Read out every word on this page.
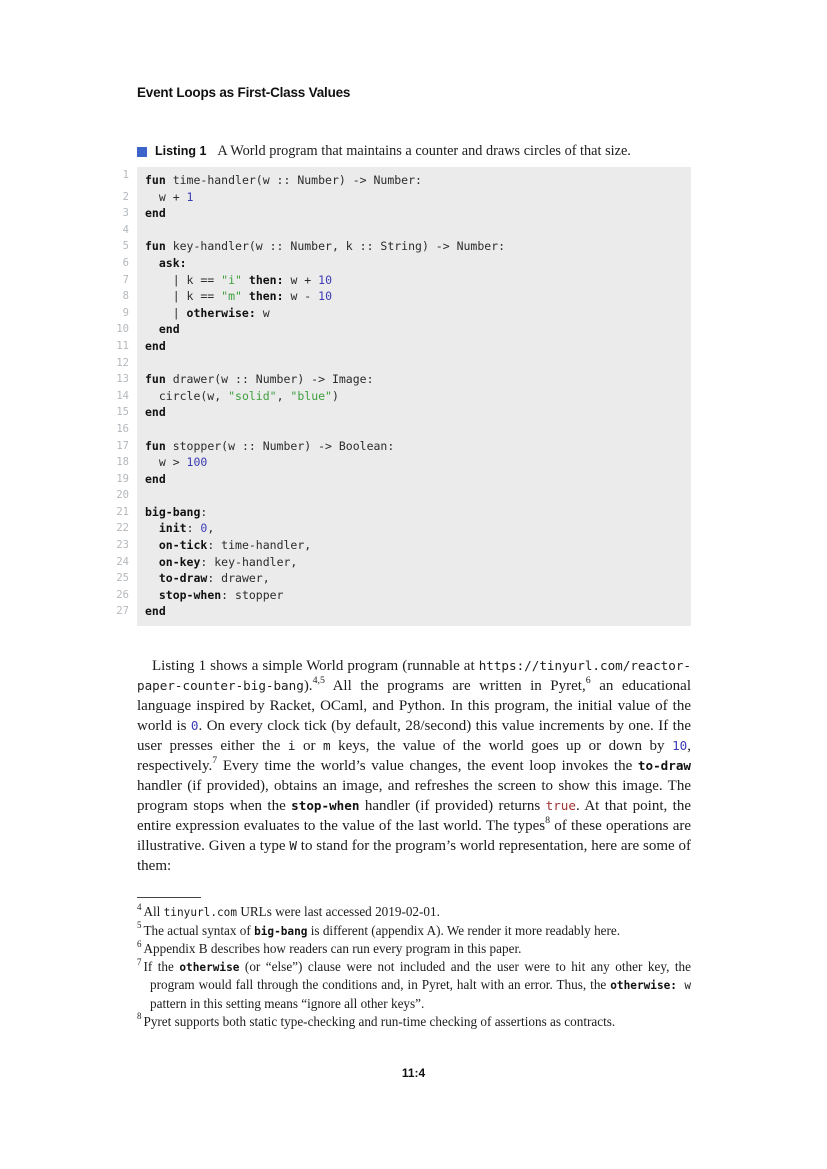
Event Loops as First-Class Values
Listing 1 A World program that maintains a counter and draws circles of that size.
1	fun time-handler(w :: Number) -> Number:
2	w + 1
3	end
4
5	fun key-handler(w :: Number, k :: String) -> Number:
6	ask:
7	| k == "i" then: w + 10
8	| k == "m" then: w - 10
9	| otherwise: w
10	end
11	end
12
13	fun drawer(w :: Number) -> Image:
14	circle(w, "solid", "blue")
15	end
16
17	fun stopper(w :: Number) -> Boolean:
18	w > 100
19	end
20
21	big-bang:
22	init: 0,
23	on-tick: time-handler,
24	on-key: key-handler,
25	to-draw: drawer,
26	stop-when: stopper
27	end

Listing 1 shows a simple World program (runnable at https://tinyurl.com/reactor-paper-counter-big-bang).$^{4,5}$ All the programs are written in Pyret,$^6$ an educational language inspired by Racket, OCaml, and Python. In this program, the initial value of the world is 0. On every clock tick (by default, 28/second) this value increments by one. If the user presses either the i or m keys, the value of the world goes up or down by 10, respectively.$^7$ Every time the world’s value changes, the event loop invokes the to-draw handler (if provided), obtains an image, and refreshes the screen to show this image. The program stops when the stop-when handler (if provided) returns true. At that point, the entire expression evaluates to the value of the last world. The types$^8$ of these operations are illustrative. Given a type W to stand for the program’s world representation, here are some of them:

$^4$ All tinyurl.com URLs were last accessed 2019-02-01.
$^5$ The actual syntax of big-bang is different (appendix A). We render it more readably here.
$^6$ Appendix B describes how readers can run every program in this paper.
$^7$ If the otherwise (or “else”) clause were not included and the user were to hit any other key, the program would fall through the conditions and, in Pyret, halt with an error. Thus, the otherwise: w pattern in this setting means “ignore all other keys”.
$^8$ Pyret supports both static type-checking and run-time checking of assertions as contracts.
11:4
